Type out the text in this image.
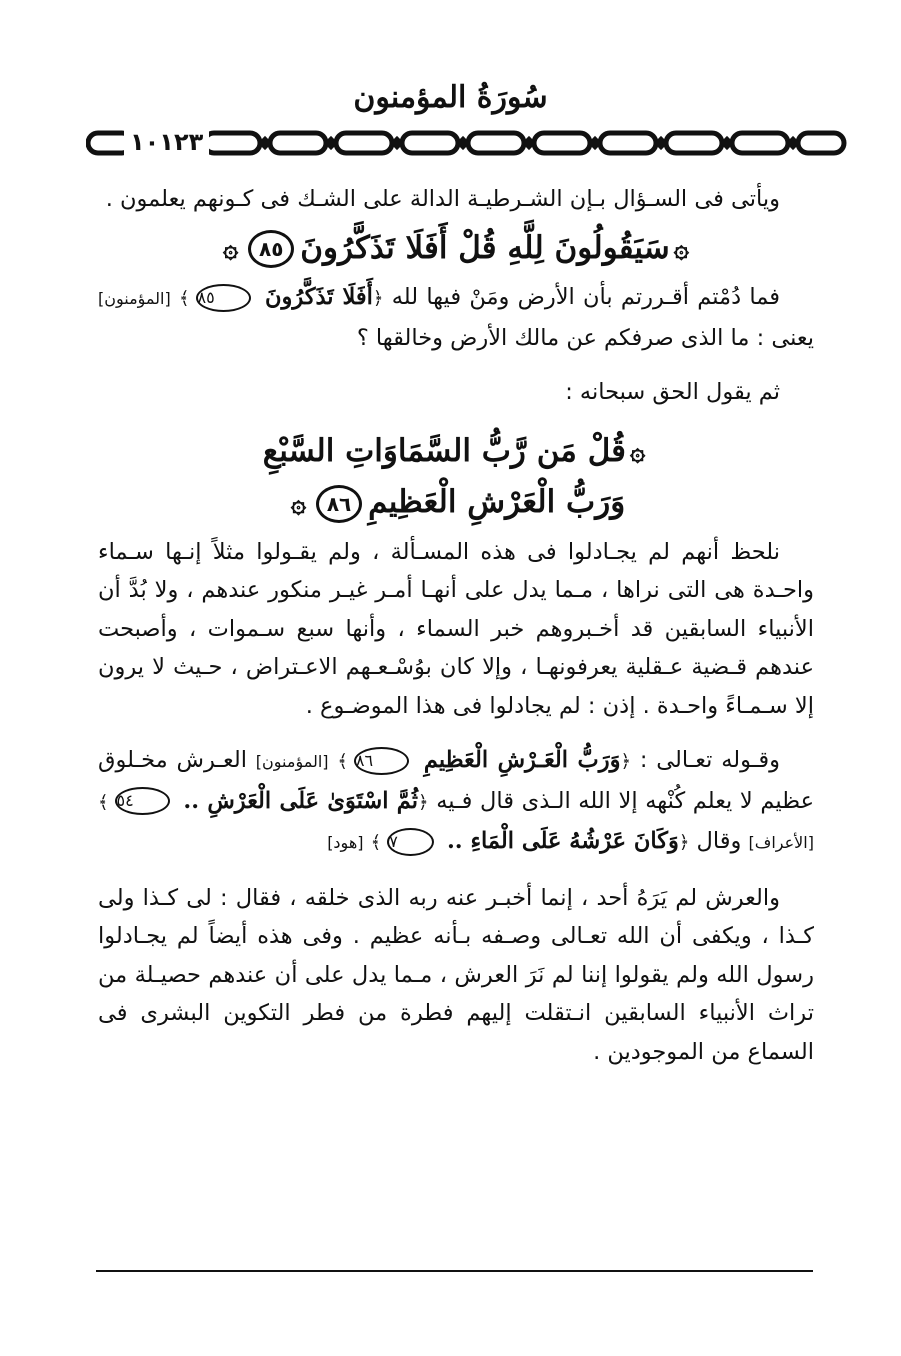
سُورَةُ المؤمنون
١٠١٢٣

ويأتى فى السـؤال بـإن الشـرطيـة الدالة على الشـك فى كـونهم يعلمون .

۞سَيَقُولُونَ لِلَّهِ قُلْ أَفَلَا تَذَكَّرُونَ٨٥۞

فما دُمْتم أقـررتم بأن الأرض ومَنْ فيها لله ﴿أَفَلَا تَذَكَّرُونَ ٨٥﴾ [المؤمنون] يعنى : ما الذى صرفكم عن مالك الأرض وخالقها ؟

ثم يقول الحق سبحانه :

۞قُلْ مَن رَّبُّ السَّمَاوَاتِ السَّبْعِ
وَرَبُّ الْعَرْشِ الْعَظِيمِ٨٦۞

نلحظ أنهم لم يجـادلوا فى هذه المسـألة ، ولم يقـولوا مثلاً إنـها سـماء واحـدة هى التى نراها ، مـما يدل على أنهـا أمـر غيـر منكور عندهم ، ولا بُدَّ أن الأنبياء السابقين قد أخـبروهم خبر السماء ، وأنها سبع سـموات ، وأصبحت عندهم قـضية عـقلية يعرفونهـا ، وإلا كان بوُسْـعـهم الاعـتراض ، حـيث لا يرون إلا سـمـاءً واحـدة . إذن : لم يجادلوا فى هذا الموضـوع .

وقـوله تعـالى : ﴿وَرَبُّ الْعَـرْشِ الْعَظِيمِ ٨٦﴾ [المؤمنون] العـرش مخـلوق عظيم لا يعلم كُنْهه إلا الله الـذى قال فـيه ﴿ثُمَّ اسْتَوَىٰ عَلَى الْعَرْشِ .. ٥٤﴾ [الأعراف] وقال ﴿وَكَانَ عَرْشُهُ عَلَى الْمَاءِ .. ٧﴾ [هود]

والعرش لم يَرَهُ أحد ، إنما أخبـر عنه ربه الذى خلقه ، فقال : لى كـذا ولى كـذا ، ويكفى أن الله تعـالى وصـفه بـأنه عظيم . وفى هذه أيضاً لم يجـادلوا رسول الله ولم يقولوا إننا لم نَرَ العرش ، مـما يدل على أن عندهم حصيـلة من تراث الأنبياء السابقين انـتقلت إليهم فطرة من فطر التكوين البشرى فى السماع من الموجودين .
